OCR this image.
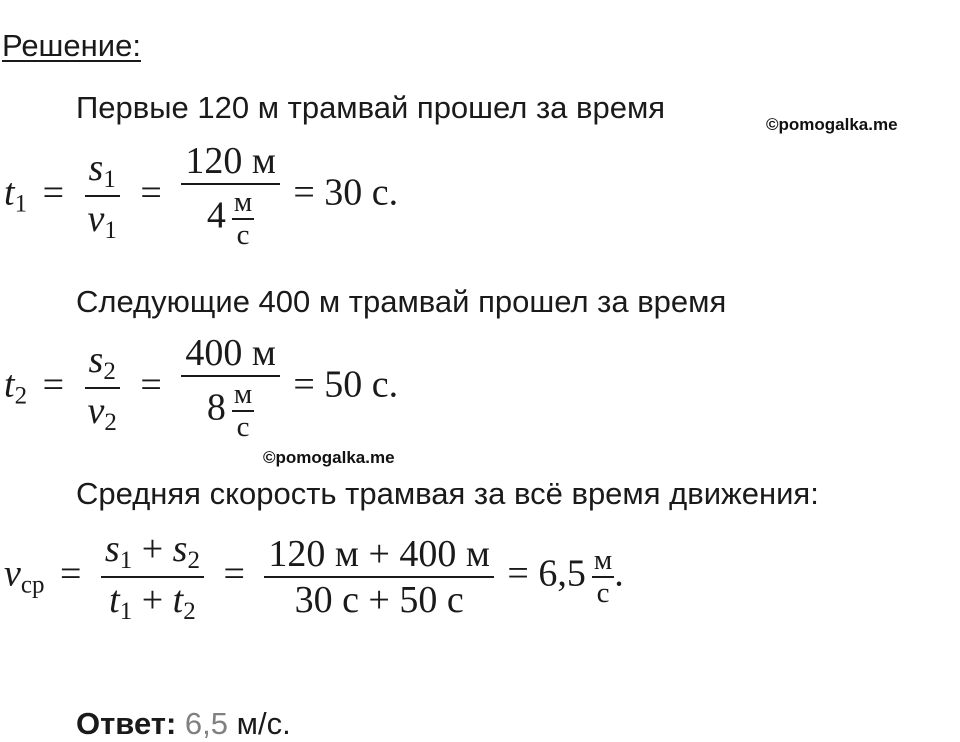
Решение:
Первые 120 м трамвай прошел за время	©pomogalka.me
$t_1 = \frac{s_1}{v_1} = \frac{120 м}{4 \frac{м}{с}} = 30$ с.
Следующие 400 м трамвай прошел за время
$t_2 = \frac{s_2}{v_2} = \frac{400 м}{8 \frac{м}{с}} = 50$ с.
©pomogalka.me
Средняя скорость трамвая за всё время движения:
$v_{ср} = \frac{s_1 + s_2}{t_1 + t_2} = \frac{120 м + 400 м}{30 с + 50 с} = 6,5 \frac{м}{с}$ .
Ответ: 6,5 м/с.
